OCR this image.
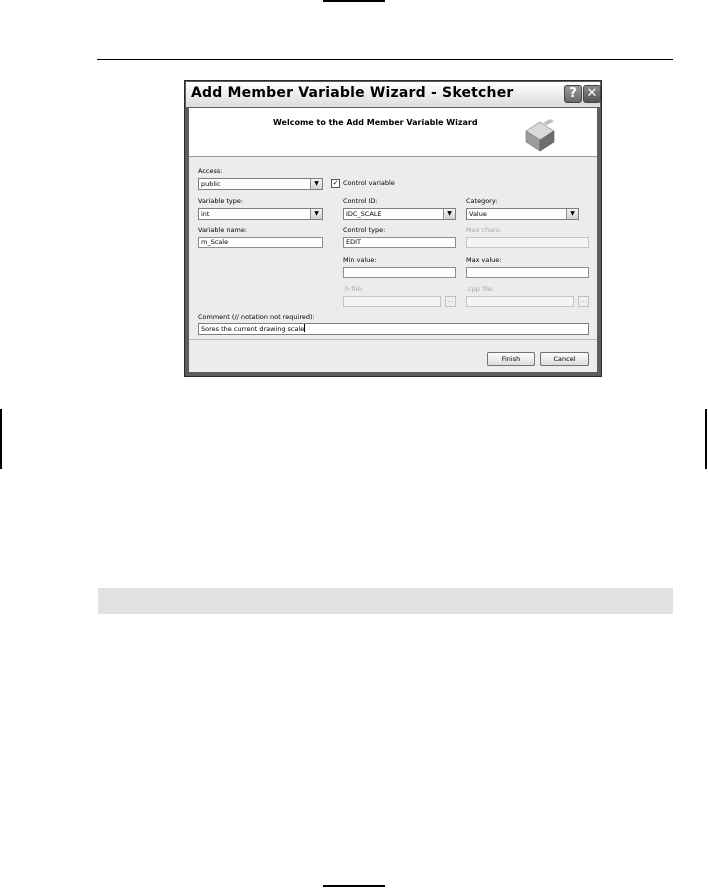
Add Member Variable Wizard - Sketcher	? ✕
Welcome to the Add Member Variable Wizard
Access:
public	▼	✓ Control variable
Variable type:
int	▼
Control ID:
IDC_SCALE	▼
Category:
Value	▼
Variable name:
m_Scale
Control type:
EDIT
Max chars:
Min value:	Max value:
.h file:
...
.cpp file:
...
Comment (// notation not required):
Sores the current drawing scale
Finish	Cancel
